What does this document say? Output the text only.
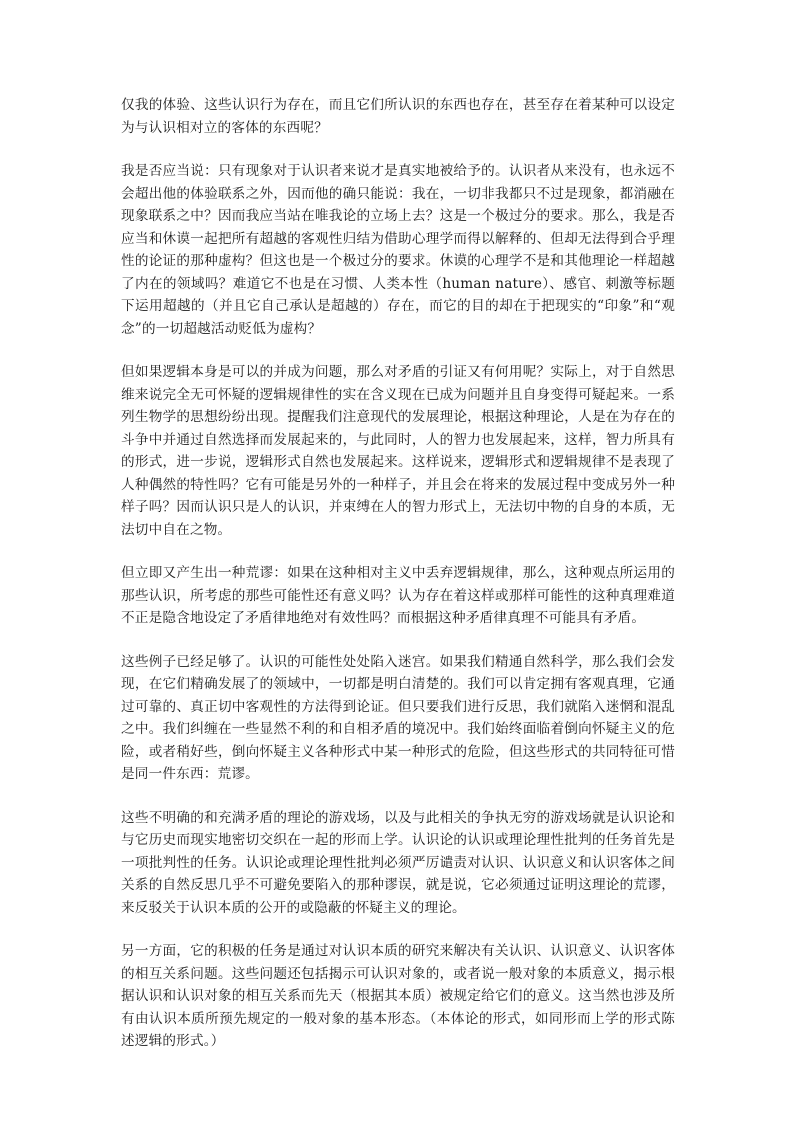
仅我的体验、这些认识行为存在，而且它们所认识的东西也存在，甚至存在着某种可以设定为与认识相对立的客体的东西呢？

我是否应当说：只有现象对于认识者来说才是真实地被给予的。认识者从来没有，也永远不会超出他的体验联系之外，因而他的确只能说：我在，一切非我都只不过是现象，都消融在现象联系之中？因而我应当站在唯我论的立场上去？这是一个极过分的要求。那么，我是否应当和休谟一起把所有超越的客观性归结为借助心理学而得以解释的、但却无法得到合乎理性的论证的那种虚构？但这也是一个极过分的要求。休谟的心理学不是和其他理论一样超越了内在的领域吗？难道它不也是在习惯、人类本性（human nature）、感官、刺激等标题下运用超越的（并且它自己承认是超越的）存在，而它的目的却在于把现实的“印象”和“观念”的一切超越活动贬低为虚构？

但如果逻辑本身是可以的并成为问题，那么对矛盾的引证又有何用呢？实际上，对于自然思维来说完全无可怀疑的逻辑规律性的实在含义现在已成为问题并且自身变得可疑起来。一系列生物学的思想纷纷出现。提醒我们注意现代的发展理论，根据这种理论，人是在为存在的斗争中并通过自然选择而发展起来的，与此同时，人的智力也发展起来，这样，智力所具有的形式，进一步说，逻辑形式自然也发展起来。这样说来，逻辑形式和逻辑规律不是表现了人种偶然的特性吗？它有可能是另外的一种样子，并且会在将来的发展过程中变成另外一种样子吗？因而认识只是人的认识，并束缚在人的智力形式上，无法切中物的自身的本质，无法切中自在之物。

但立即又产生出一种荒谬：如果在这种相对主义中丢弃逻辑规律，那么，这种观点所运用的那些认识，所考虑的那些可能性还有意义吗？认为存在着这样或那样可能性的这种真理难道不正是隐含地设定了矛盾律地绝对有效性吗？而根据这种矛盾律真理不可能具有矛盾。

这些例子已经足够了。认识的可能性处处陷入迷宫。如果我们精通自然科学，那么我们会发现，在它们精确发展了的领域中，一切都是明白清楚的。我们可以肯定拥有客观真理，它通过可靠的、真正切中客观性的方法得到论证。但只要我们进行反思，我们就陷入迷惘和混乱之中。我们纠缠在一些显然不利的和自相矛盾的境况中。我们始终面临着倒向怀疑主义的危险，或者稍好些，倒向怀疑主义各种形式中某一种形式的危险，但这些形式的共同特征可惜是同一件东西：荒谬。

这些不明确的和充满矛盾的理论的游戏场，以及与此相关的争执无穷的游戏场就是认识论和与它历史而现实地密切交织在一起的形而上学。认识论的认识或理论理性批判的任务首先是一项批判性的任务。认识论或理论理性批判必须严厉谴责对认识、认识意义和认识客体之间关系的自然反思几乎不可避免要陷入的那种谬误，就是说，它必须通过证明这理论的荒谬，来反驳关于认识本质的公开的或隐蔽的怀疑主义的理论。

另一方面，它的积极的任务是通过对认识本质的研究来解决有关认识、认识意义、认识客体的相互关系问题。这些问题还包括揭示可认识对象的，或者说一般对象的本质意义，揭示根据认识和认识对象的相互关系而先天（根据其本质）被规定给它们的意义。这当然也涉及所有由认识本质所预先规定的一般对象的基本形态。（本体论的形式，如同形而上学的形式陈述逻辑的形式。）
